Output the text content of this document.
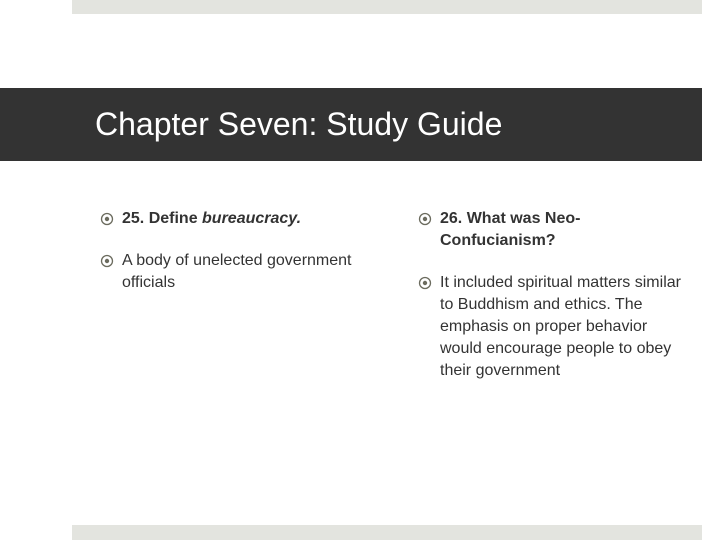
Chapter Seven: Study Guide
25. Define bureaucracy.
A body of unelected government officials
26. What was Neo-Confucianism?
It included spiritual matters similar to Buddhism and ethics. The emphasis on proper behavior would encourage people to obey their government
